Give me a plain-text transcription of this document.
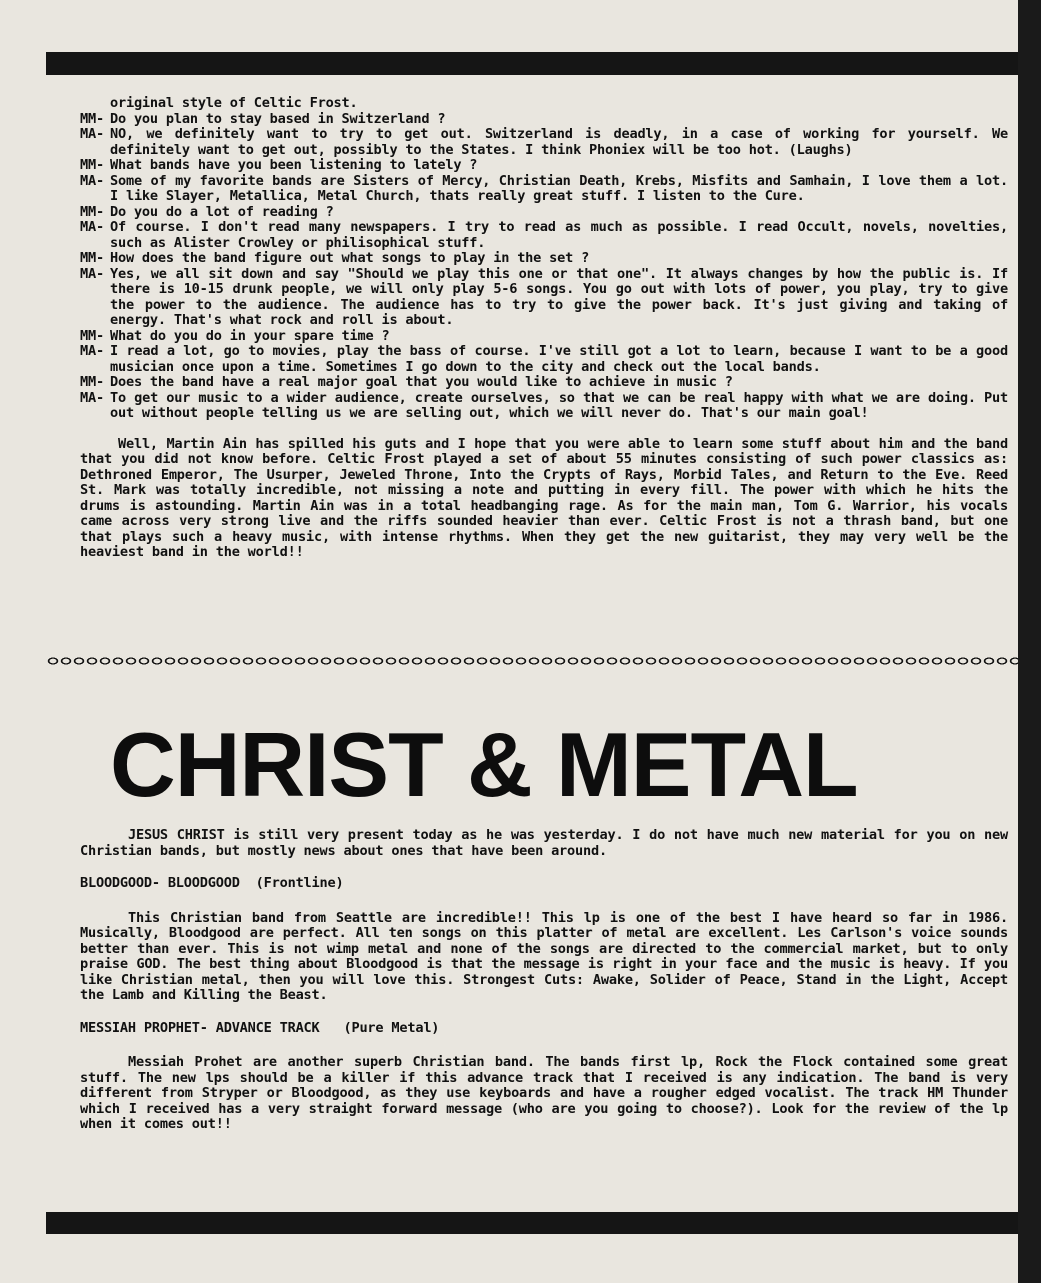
original style of Celtic Frost.
MM- Do you plan to stay based in Switzerland ?
MA- NO, we definitely want to try to get out. Switzerland is deadly, in a case of working for yourself. We definitely want to get out, possibly to the States. I think Phoniex will be too hot. (Laughs)
MM- What bands have you been listening to lately ?
MA- Some of my favorite bands are Sisters of Mercy, Christian Death, Krebs, Misfits and Samhain, I love them a lot. I like Slayer, Metallica, Metal Church, thats really great stuff. I listen to the Cure.
MM- Do you do a lot of reading ?
MA- Of course. I don't read many newspapers. I try to read as much as possible. I read Occult, novels, novelties, such as Alister Crowley or philisophical stuff.
MM- How does the band figure out what songs to play in the set ?
MA- Yes, we all sit down and say "Should we play this one or that one". It always changes by how the public is. If there is 10-15 drunk people, we will only play 5-6 songs. You go out with lots of power, you play, try to give the power to the audience. The audience has to try to give the power back. It's just giving and taking of energy. That's what rock and roll is about.
MM- What do you do in your spare time ?
MA- I read a lot, go to movies, play the bass of course. I've still got a lot to learn, because I want to be a good musician once upon a time. Sometimes I go down to the city and check out the local bands.
MM- Does the band have a real major goal that you would like to achieve in music ?
MA- To get our music to a wider audience, create ourselves, so that we can be real happy with what we are doing. Put out without people telling us we are selling out, which we will never do. That's our main goal!
Well, Martin Ain has spilled his guts and I hope that you were able to learn some stuff about him and the band that you did not know before. Celtic Frost played a set of about 55 minutes consisting of such power classics as: Dethroned Emperor, The Usurper, Jeweled Throne, Into the Crypts of Rays, Morbid Tales, and Return to the Eve. Reed St. Mark was totally incredible, not missing a note and putting in every fill. The power with which he hits the drums is astounding. Martin Ain was in a total headbanging rage. As for the main man, Tom G. Warrior, his vocals came across very strong live and the riffs sounded heavier than ever. Celtic Frost is not a thrash band, but one that plays such a heavy music, with intense rhythms. When they get the new guitarist, they may very well be the heaviest band in the world!!
CHRIST & METAL
JESUS CHRIST is still very present today as he was yesterday. I do not have much new material for you on new Christian bands, but mostly news about ones that have been around.
BLOODGOOD- BLOODGOOD  (Frontline)
This Christian band from Seattle are incredible!! This lp is one of the best I have heard so far in 1986. Musically, Bloodgood are perfect. All ten songs on this platter of metal are excellent. Les Carlson's voice sounds better than ever. This is not wimp metal and none of the songs are directed to the commercial market, but to only praise GOD. The best thing about Bloodgood is that the message is right in your face and the music is heavy. If you like Christian metal, then you will love this. Strongest Cuts: Awake, Solider of Peace, Stand in the Light, Accept the Lamb and Killing the Beast.
MESSIAH PROPHET- ADVANCE TRACK   (Pure Metal)
Messiah Prohet are another superb Christian band. The bands first lp, Rock the Flock contained some great stuff. The new lps should be a killer if this advance track that I received is any indication. The band is very different from Stryper or Bloodgood, as they use keyboards and have a rougher edged vocalist. The track HM Thunder which I received has a very straight forward message (who are you going to choose?). Look for the review of the lp when it comes out!!
